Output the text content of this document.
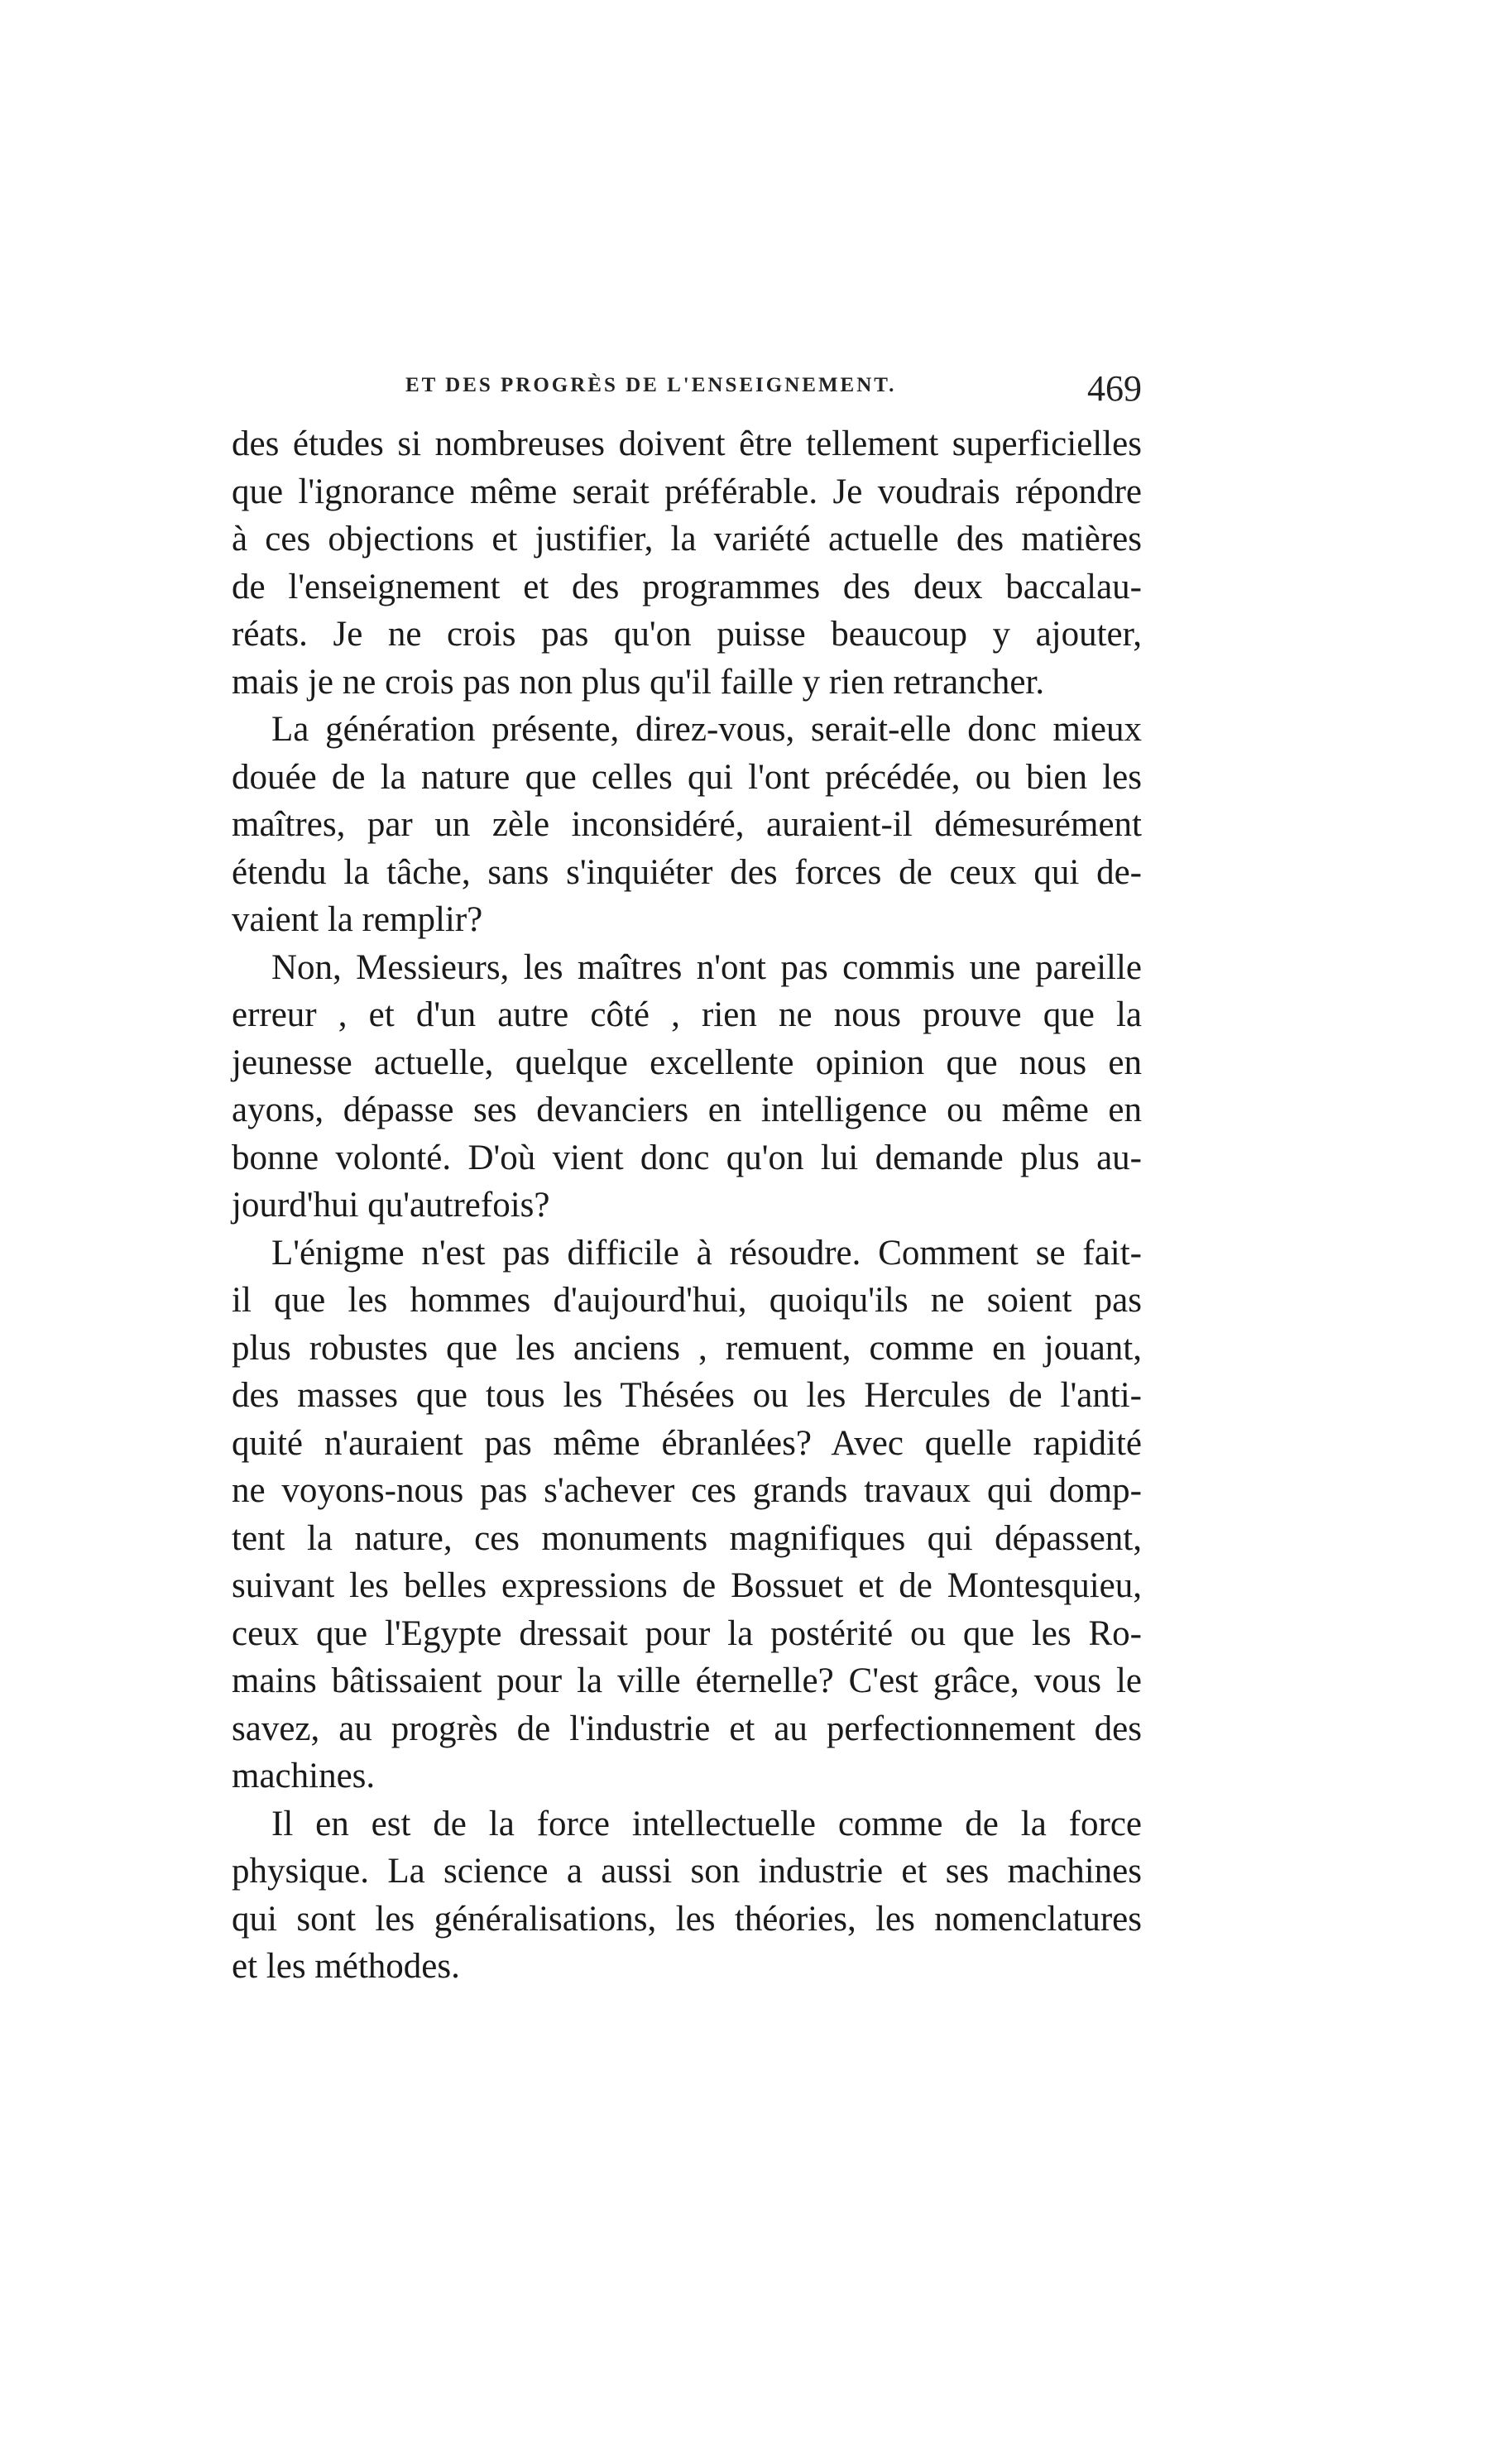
ET DES PROGRÈS DE L'ENSEIGNEMENT.	469
des études si nombreuses doivent être tellement superficielles
que l'ignorance même serait préférable. Je voudrais répondre
à ces objections et justifier, la variété actuelle des matières
de l'enseignement et des programmes des deux baccalau-
réats. Je ne crois pas qu'on puisse beaucoup y ajouter,
mais je ne crois pas non plus qu'il faille y rien retrancher.
La génération présente, direz-vous, serait-elle donc mieux
douée de la nature que celles qui l'ont précédée, ou bien les
maîtres, par un zèle inconsidéré, auraient-il démesurément
étendu la tâche, sans s'inquiéter des forces de ceux qui de-
vaient la remplir?
Non, Messieurs, les maîtres n'ont pas commis une pareille
erreur , et d'un autre côté , rien ne nous prouve que la
jeunesse actuelle, quelque excellente opinion que nous en
ayons, dépasse ses devanciers en intelligence ou même en
bonne volonté. D'où vient donc qu'on lui demande plus au-
jourd'hui qu'autrefois?
L'énigme n'est pas difficile à résoudre. Comment se fait-
il que les hommes d'aujourd'hui, quoiqu'ils ne soient pas
plus robustes que les anciens , remuent, comme en jouant,
des masses que tous les Thésées ou les Hercules de l'anti-
quité n'auraient pas même ébranlées? Avec quelle rapidité
ne voyons-nous pas s'achever ces grands travaux qui domp-
tent la nature, ces monuments magnifiques qui dépassent,
suivant les belles expressions de Bossuet et de Montesquieu,
ceux que l'Egypte dressait pour la postérité ou que les Ro-
mains bâtissaient pour la ville éternelle? C'est grâce, vous le
savez, au progrès de l'industrie et au perfectionnement des
machines.
Il en est de la force intellectuelle comme de la force
physique. La science a aussi son industrie et ses machines
qui sont les généralisations, les théories, les nomenclatures
et les méthodes.
